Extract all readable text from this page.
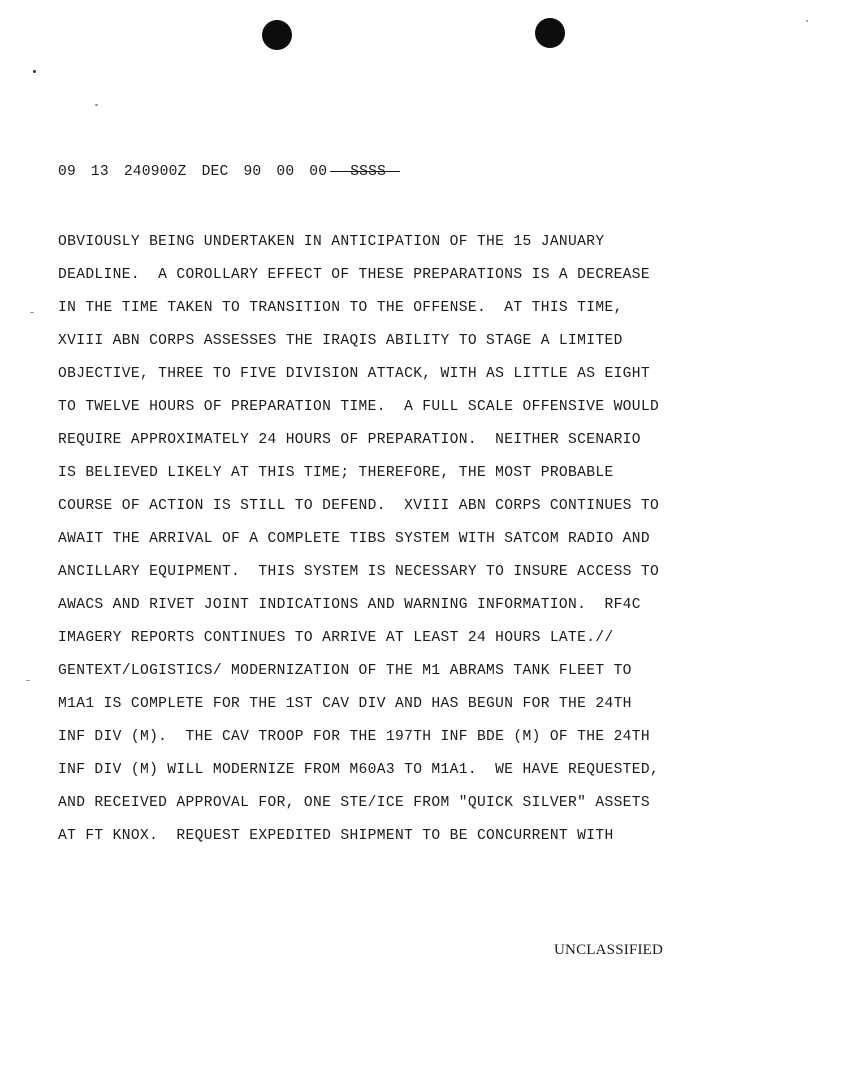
09 13 240900Z DEC 90 00 00 SSSS
OBVIOUSLY BEING UNDERTAKEN IN ANTICIPATION OF THE 15 JANUARY
DEADLINE.  A COROLLARY EFFECT OF THESE PREPARATIONS IS A DECREASE
IN THE TIME TAKEN TO TRANSITION TO THE OFFENSE.  AT THIS TIME,
XVIII ABN CORPS ASSESSES THE IRAQIS ABILITY TO STAGE A LIMITED
OBJECTIVE, THREE TO FIVE DIVISION ATTACK, WITH AS LITTLE AS EIGHT
TO TWELVE HOURS OF PREPARATION TIME.  A FULL SCALE OFFENSIVE WOULD
REQUIRE APPROXIMATELY 24 HOURS OF PREPARATION.  NEITHER SCENARIO
IS BELIEVED LIKELY AT THIS TIME; THEREFORE, THE MOST PROBABLE
COURSE OF ACTION IS STILL TO DEFEND.  XVIII ABN CORPS CONTINUES TO
AWAIT THE ARRIVAL OF A COMPLETE TIBS SYSTEM WITH SATCOM RADIO AND
ANCILLARY EQUIPMENT.  THIS SYSTEM IS NECESSARY TO INSURE ACCESS TO
AWACS AND RIVET JOINT INDICATIONS AND WARNING INFORMATION.  RF4C
IMAGERY REPORTS CONTINUES TO ARRIVE AT LEAST 24 HOURS LATE.//
GENTEXT/LOGISTICS/ MODERNIZATION OF THE M1 ABRAMS TANK FLEET TO
M1A1 IS COMPLETE FOR THE 1ST CAV DIV AND HAS BEGUN FOR THE 24TH
INF DIV (M).  THE CAV TROOP FOR THE 197TH INF BDE (M) OF THE 24TH
INF DIV (M) WILL MODERNIZE FROM M60A3 TO M1A1.  WE HAVE REQUESTED,
AND RECEIVED APPROVAL FOR, ONE STE/ICE FROM "QUICK SILVER" ASSETS
AT FT KNOX.  REQUEST EXPEDITED SHIPMENT TO BE CONCURRENT WITH
UNCLASSIFIED
